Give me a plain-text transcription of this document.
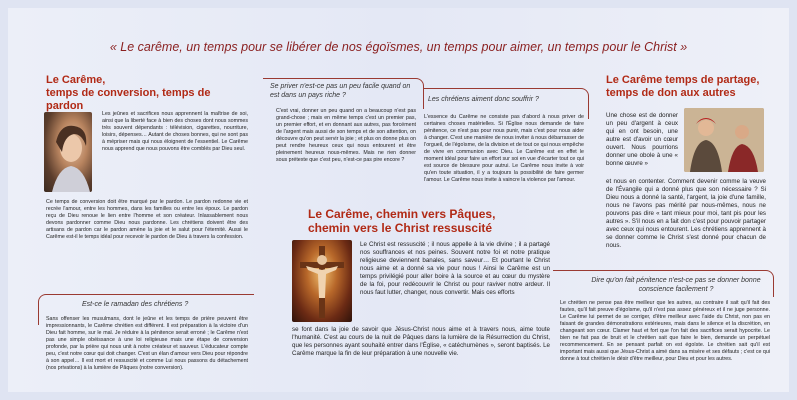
« Le carême, un temps pour se libérer de nos égoïsmes, un temps pour aimer, un temps pour le Christ »
Le Carême,
temps de conversion, temps de pardon
Les jeûnes et sacrifices nous apprennent la maîtrise de soi, ainsi que la liberté face à bien des choses dont nous sommes très souvent dépendants : télévision, cigarettes, nourriture, loisirs, dépenses… Autant de choses bonnes, qui ne sont pas à mépriser mais qui nous éloignent de l'essentiel. Le Carême nous apprend que nous pouvons être comblés par Dieu seul.
Ce temps de conversion doit être marqué par le pardon. Le pardon redonne vie et recrée l'amour, entre les hommes, dans les familles ou entre les époux. Le pardon reçu de Dieu renoue le lien entre l'homme et son créateur. Inlassablement nous devons pardonner comme Dieu nous pardonne. Les chrétiens doivent être des artisans de pardon car le pardon amène la joie et le salut pour l'éternité. Aussi le Carême est-il le temps idéal pour recevoir le pardon de Dieu à travers la confession.
Est-ce le ramadan des chrétiens ?
Sans offenser les musulmans, dont le jeûne et les temps de prière peuvent être impressionnants, le Carême chrétien est différent. Il est préparation à la victoire d'un Dieu fait homme, sur le mal. Je réduire à la pénitence serait erroné ; le Carême n'est pas une simple obéissance à une loi religieuse mais une étape de conversion profonde, par la prière qui nous unit à notre créateur et sauveur. L'éducateur compte peu, c'est notre cœur qui doit changer. C'est un élan d'amour vers Dieu pour répondre à son appel… Il est mort et ressuscité et comme Lui nous passons du détachement (nos privations) à la lumière de Pâques (notre conversion).
Se priver n'est-ce pas un peu facile quand on est dans un pays riche ?
C'est vrai, donner un peu quand on a beaucoup n'est pas grand-chose ; mais en même temps c'est un premier pas, un premier effort, et en donnant aux autres, pas forcément de l'argent mais aussi de son temps et de son attention, on découvre qu'on peut servir la joie ; et plus on donne plus on peut rendre heureux ceux qui nous entourent et être pleinement heureux nous-mêmes. Mais ne rien donner sous prétexte que c'est peu, n'est-ce pas pire encore ?
Les chrétiens aiment donc souffrir ?
L'essence du Carême ne consiste pas d'abord à nous priver de certaines choses matérielles. Si l'Église nous demande de faire pénitence, ce n'est pas pour nous punir, mais c'est pour nous aider à changer. C'est une manière de nous inviter à nous débarrasser de l'orgueil, de l'égoïsme, de la division et de tout ce qui nous empêche de vivre en communion avec Dieu. Le Carême est en effet le moment idéal pour faire un effort sur soi en vue d'écarter tout ce qui est source de blessure pour autrui. Le Carême nous invite à voir qu'en toute situation, il y a toujours la possibilité de faire germer l'amour. Le Carême nous invite à vaincre la violence par l'amour.
Le Carême, chemin vers Pâques,
chemin vers le Christ ressuscité
Le Christ est ressuscité ; il nous appelle à la vie divine ; il a partagé nos souffrances et nos peines. Souvent notre foi et notre pratique religieuse deviennent banales, sans saveur… Et pourtant le Christ nous aime et a donné sa vie pour nous ! Ainsi le Carême est un temps privilégié pour aller boire à la source et au cœur du mystère de la foi, pour redécouvrir le Christ ou pour raviver notre ardeur. Il nous faut lutter, changer, nous convertir. Mais ces efforts
se font dans la joie de savoir que Jésus-Christ nous aime et à travers nous, aime toute l'humanité. C'est au cours de la nuit de Pâques dans la lumière de la Résurrection du Christ, que les personnes ayant souhaité entrer dans l'Église, « catéchumènes », seront baptisés. Le Carême marque la fin de leur préparation à une nouvelle vie.
Le Carême temps de partage,
temps de don aux autres
Une chose est de donner un peu d'argent à ceux qui en ont besoin, une autre est d'avoir un cœur ouvert. Nous pourrions donner une obole à une « bonne œuvre »
et nous en contenter. Comment devenir comme la veuve de l'Évangile qui a donné plus que son nécessaire ? Si Dieu nous a donné la santé, l'argent, la joie d'une famille, nous ne l'avons pas mérité par nous-mêmes, nous ne pouvons pas dire « tant mieux pour moi, tant pis pour les autres ». S'il nous en a fait don c'est pour pouvoir partager avec ceux qui nous entourent. Les chrétiens apprennent à se donner comme le Christ s'est donné pour chacun de nous.
Dire qu'on fait pénitence n'est-ce pas se donner bonne conscience facilement ?
Le chrétien ne pense pas être meilleur que les autres, au contraire il sait qu'il fait des fautes, qu'il fait preuve d'égoïsme, qu'il n'est pas assez généreux et il ne juge personne. Le Carême lui permet de se corriger, d'être meilleur avec l'aide du Christ, non pas en faisant de grandes démonstrations extérieures, mais dans le silence et la discrétion, en changeant son cœur. Clamer haut et fort que l'on fait des sacrifices serait hypocrite. Le bien ne fait pas de bruit et le chrétien sait que faire le bien, demande un perpétuel recommencement. En se pensant parfait on est égoïste. Le chrétien sait qu'il est important mais aussi que Jésus-Christ a aimé dans sa misère et ses défauts ; c'est ce qui donne à tout chrétien le désir d'être meilleur, pour Dieu et pour les autres.
